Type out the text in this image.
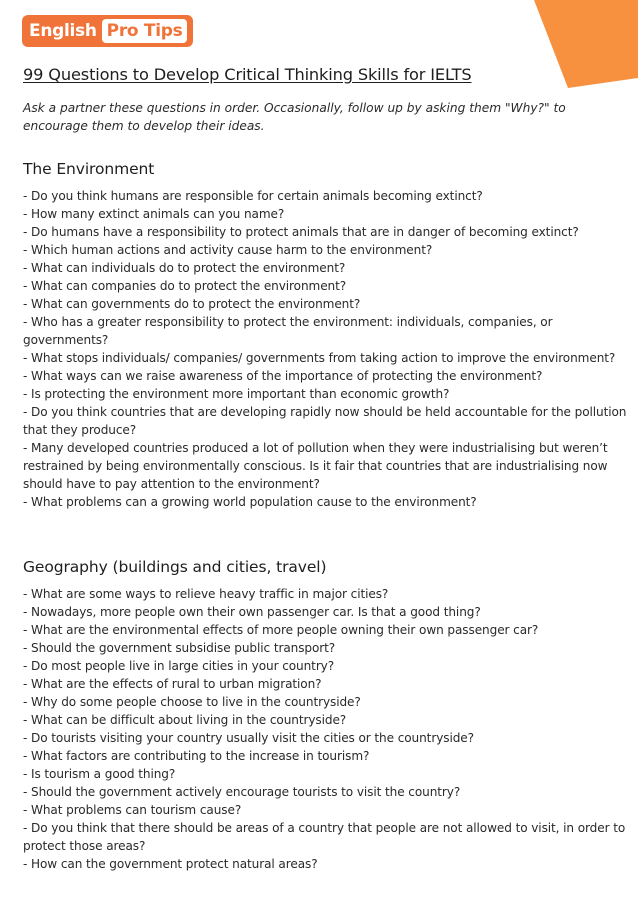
English Pro Tips
99 Questions to Develop Critical Thinking Skills for IELTS

Ask a partner these questions in order. Occasionally, follow up by asking them "Why?" to encourage them to develop their ideas.

The Environment
- Do you think humans are responsible for certain animals becoming extinct?
- How many extinct animals can you name?
- Do humans have a responsibility to protect animals that are in danger of becoming extinct?
- Which human actions and activity cause harm to the environment?
- What can individuals do to protect the environment?
- What can companies do to protect the environment?
- What can governments do to protect the environment?
- Who has a greater responsibility to protect the environment: individuals, companies, or governments?
- What stops individuals/ companies/ governments from taking action to improve the environment?
- What ways can we raise awareness of the importance of protecting the environment?
- Is protecting the environment more important than economic growth?
- Do you think countries that are developing rapidly now should be held accountable for the pollution that they produce?
- Many developed countries produced a lot of pollution when they were industrialising but weren’t restrained by being environmentally conscious. Is it fair that countries that are industrialising now should have to pay attention to the environment?
- What problems can a growing world population cause to the environment?
Geography (buildings and cities, travel)
- What are some ways to relieve heavy traffic in major cities?
- Nowadays, more people own their own passenger car. Is that a good thing?
- What are the environmental effects of more people owning their own passenger car?
- Should the government subsidise public transport?
- Do most people live in large cities in your country?
- What are the effects of rural to urban migration?
- Why do some people choose to live in the countryside?
- What can be difficult about living in the countryside?
- Do tourists visiting your country usually visit the cities or the countryside?
- What factors are contributing to the increase in tourism?
- Is tourism a good thing?
- Should the government actively encourage tourists to visit the country?
- What problems can tourism cause?
- Do you think that there should be areas of a country that people are not allowed to visit, in order to protect those areas?
- How can the government protect natural areas?
